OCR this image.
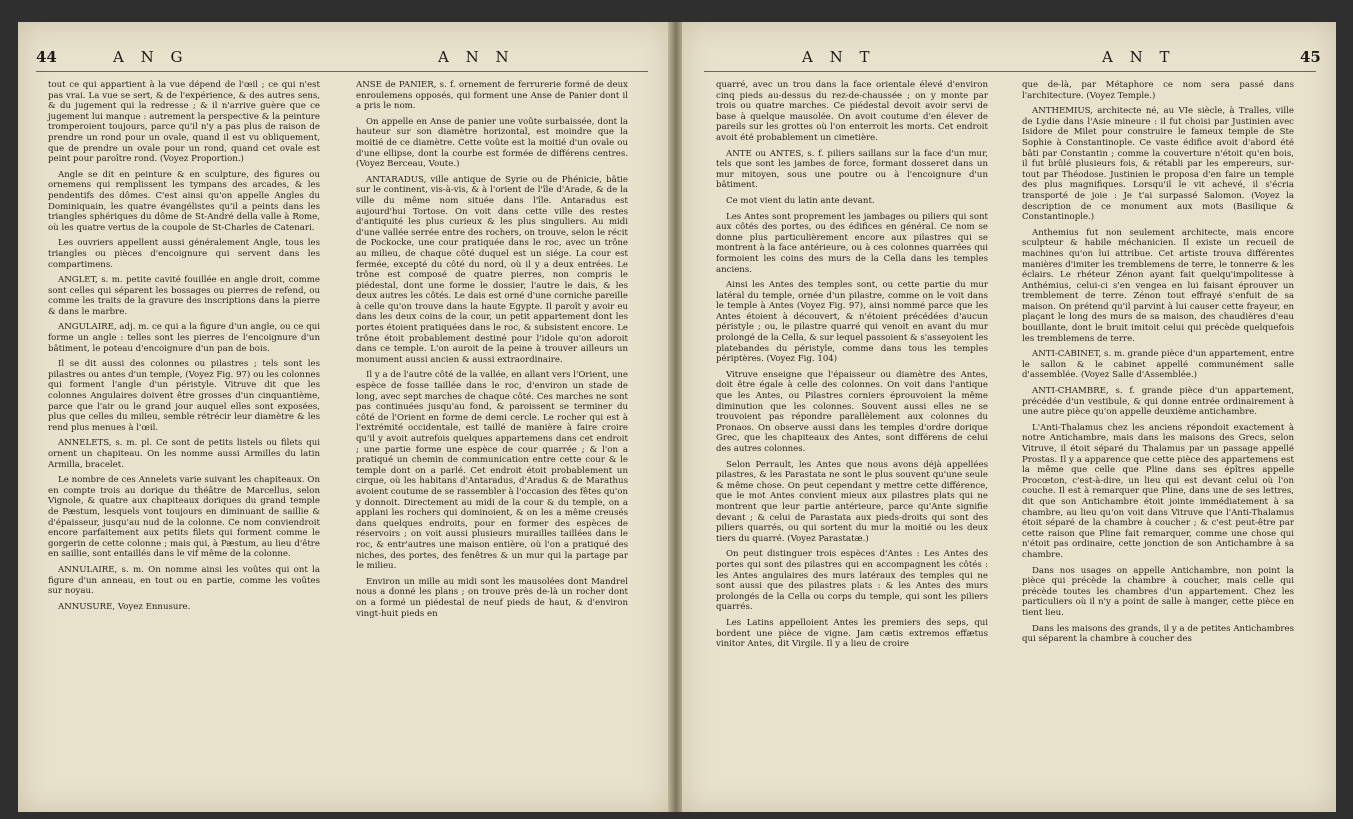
44	A N G	A N N

tout ce qui appartient à la vue dépend de l'œil ; ce qui n'est pas vrai. La vue se sert, & de l'expérience, & des autres sens, & du jugement qui la redresse ; & il n'arrive guère que ce jugement lui manque : autrement la perspective & la peinture tromperoient toujours, parce qu'il n'y a pas plus de raison de prendre un rond pour un ovale, quand il est vu obliquement, que de prendre un ovale pour un rond, quand cet ovale est peint pour paroître rond. (Voyez Proportion.)

Angle se dit en peinture & en sculpture, des figures ou ornemens qui remplissent les tympans des arcades, & les pendentifs des dômes. C'est ainsi qu'on appelle Angles du Dominiquain, les quatre évangélistes qu'il a peints dans les triangles sphériques du dôme de St-André della valle à Rome, où les quatre vertus de la coupole de St-Charles de Catenari.

Les ouvriers appellent aussi généralement Angle, tous les triangles ou pièces d'encoignure qui servent dans les compartimens.

ANGLET, s. m. petite cavité fouillée en angle droit, comme sont celles qui séparent les bossages ou pierres de refend, ou comme les traits de la gravure des inscriptions dans la pierre & dans le marbre.

ANGULAIRE, adj. m. ce qui a la figure d'un angle, ou ce qui forme un angle : telles sont les pierres de l'encoignure d'un bâtiment, le poteau d'encoignure d'un pan de bois.

Il se dit aussi des colonnes ou pilastres ; tels sont les pilastres ou antes d'un temple, (Voyez Fig. 97) ou les colonnes qui forment l'angle d'un péristyle. Vitruve dit que les colonnes Angulaires doivent être grosses d'un cinquantième, parce que l'air ou le grand jour auquel elles sont exposées, plus que celles du milieu, semble rétrécir leur diamètre & les rend plus menues à l'œil.

ANNELETS, s. m. pl. Ce sont de petits listels ou filets qui ornent un chapiteau. On les nomme aussi Armilles du latin Armilla, bracelet.

Le nombre de ces Annelets varie suivant les chapiteaux. On en compte trois au dorique du théâtre de Marcellus, selon Vignole, & quatre aux chapiteaux doriques du grand temple de Pæstum, lesquels vont toujours en diminuant de saillie & d'épaisseur, jusqu'au nud de la colonne. Ce nom conviendroit encore parfaitement aux petits filets qui forment comme le gorgerin de cette colonne ; mais qui, à Pæstum, au lieu d'être en saillie, sont entaillés dans le vif même de la colonne.

ANNULAIRE, s. m. On nomme ainsi les voûtes qui ont la figure d'un anneau, en tout ou en partie, comme les voûtes sur noyau.

ANNUSURE, Voyez Ennusure.

ANSE de PANIER, s. f. ornement de ferrurerie formé de deux enroulemens opposés, qui forment une Anse de Panier dont il a pris le nom.

On appelle en Anse de panier une voûte surbaissée, dont la hauteur sur son diamètre horizontal, est moindre que la moitié de ce diamètre. Cette voûte est la moitié d'un ovale ou d'une ellipse, dont la courbe est formée de différens centres. (Voyez Berceau, Voute.)

ANTARADUS, ville antique de Syrie ou de Phénicie, bâtie sur le continent, vis-à-vis, & à l'orient de l'île d'Arade, & de la ville du même nom située dans l'île. Antaradus est aujourd'hui Tortose. On voit dans cette ville des restes d'antiquité les plus curieux & les plus singuliers. Au midi d'une vallée serrée entre des rochers, on trouve, selon le récit de Pockocke, une cour pratiquée dans le roc, avec un trône au milieu, de chaque côté duquel est un siége. La cour est fermée, excepté du côté du nord, où il y a deux entrées. Le trône est composé de quatre pierres, non compris le piédestal, dont une forme le dossier, l'autre le dais, & les deux autres les côtés. Le dais est orné d'une corniche pareille à celle qu'on trouve dans la haute Egypte. Il paroît y avoir eu dans les deux coins de la cour, un petit appartement dont les portes étoient pratiquées dans le roc, & subsistent encore. Le trône étoit probablement destiné pour l'idole qu'on adoroit dans ce temple. L'on auroit de la peine à trouver ailleurs un monument aussi ancien & aussi extraordinaire.

Il y a de l'autre côté de la vallée, en allant vers l'Orient, une espèce de fosse taillée dans le roc, d'environ un stade de long, avec sept marches de chaque côté. Ces marches ne sont pas continuées jusqu'au fond, & paroissent se terminer du côté de l'Orient en forme de demi cercle. Le rocher qui est à l'extrémité occidentale, est taillé de manière à faire croire qu'il y avoit autrefois quelques appartemens dans cet endroit ; une partie forme une espèce de cour quarrée ; & l'on a pratiqué un chemin de communication entre cette cour & le temple dont on a parlé. Cet endroit étoit probablement un cirque, où les habitans d'Antaradus, d'Aradus & de Marathus avoient coutume de se rassembler à l'occasion des fêtes qu'on y donnoit. Directement au midi de la cour & du temple, on a applani les rochers qui dominoient, & on les a même creusés dans quelques endroits, pour en former des espèces de réservoirs ; on voit aussi plusieurs murailles taillées dans le roc, & entr'autres une maison entière, où l'on a pratiqué des niches, des portes, des fenêtres & un mur qui la partage par le milieu.

Environ un mille au midi sont les mausolées dont Mandrel nous a donné les plans ; on trouve près de-là un rocher dont on a formé un piédestal de neuf pieds de haut, & d'environ vingt-huit pieds en

A N T	A N T	45

quarré, avec un trou dans la face orientale élevé d'environ cinq pieds au-dessus du rez-de-chaussée ; on y monte par trois ou quatre marches. Ce piédestal devoit avoir servi de base à quelque mausolée. On avoit coutume d'en élever de pareils sur les grottes où l'on enterroit les morts. Cet endroit avoit été probablement un cimetière.

ANTE ou ANTES, s. f. piliers saillans sur la face d'un mur, tels que sont les jambes de force, formant dosseret dans un mur mitoyen, sous une poutre ou à l'encoignure d'un bâtiment.

Ce mot vient du latin ante devant.

Les Antes sont proprement les jambages ou piliers qui sont aux côtés des portes, ou des édifices en général. Ce nom se donne plus particulièrement encore aux pilastres qui se montrent à la face antérieure, ou à ces colonnes quarrées qui formoient les coins des murs de la Cella dans les temples anciens.

Ainsi les Antes des temples sont, ou cette partie du mur latéral du temple, ornée d'un pilastre, comme on le voit dans le temple à Antes (Voyez Fig. 97), ainsi nommé parce que les Antes étoient à découvert, & n'étoient précédées d'aucun péristyle ; ou, le pilastre quarré qui venoit en avant du mur prolongé de la Cella, & sur lequel passoient & s'asseyoient les platebandes du péristyle, comme dans tous les temples périptères. (Voyez Fig. 104)

Vitruve enseigne que l'épaisseur ou diamètre des Antes, doit être égale à celle des colonnes. On voit dans l'antique que les Antes, ou Pilastres corniers éprouvoient la même diminution que les colonnes. Souvent aussi elles ne se trouvoient pas répondre parallèlement aux colonnes du Pronaos. On observe aussi dans les temples d'ordre dorique Grec, que les chapiteaux des Antes, sont différens de celui des autres colonnes.

Selon Perrault, les Antes que nous avons déjà appellées pilastres, & les Parastata ne sont le plus souvent qu'une seule & même chose. On peut cependant y mettre cette différence, que le mot Antes convient mieux aux pilastres plats qui ne montrent que leur partie antérieure, parce qu'Ante signifie devant ; & celui de Parastata aux pieds-droits qui sont des piliers quarrés, ou qui sortent du mur la moitié ou les deux tiers du quarré. (Voyez Parastatæ.)

On peut distinguer trois espèces d'Antes : Les Antes des portes qui sont des pilastres qui en accompagnent les côtés : les Antes angulaires des murs latéraux des temples qui ne sont aussi que des pilastres plats : & les Antes des murs prolongés de la Cella ou corps du temple, qui sont les piliers quarrés.

Les Latins appelloient Antes les premiers des seps, qui bordent une pièce de vigne. Jam cætis extremos effætus vinitor Antes, dit Virgile. Il y a lieu de croire

que de-là, par Métaphore ce nom sera passé dans l'architecture. (Voyez Temple.)

ANTHEMIUS, architecte né, au VIe siècle, à Tralles, ville de Lydie dans l'Asie mineure : il fut choisi par Justinien avec Isidore de Milet pour construire le fameux temple de Ste Sophie à Constantinople. Ce vaste édifice avoit d'abord été bâti par Constantin ; comme la couverture n'étoit qu'en bois, il fut brûlé plusieurs fois, & rétabli par les empereurs, sur-tout par Théodose. Justinien le proposa d'en faire un temple des plus magnifiques. Lorsqu'il le vit achevé, il s'écria transporté de joie : Je t'ai surpassé Salomon. (Voyez la description de ce monument aux mots (Basilique & Constantinople.)

Anthemius fut non seulement architecte, mais encore sculpteur & habile méchanicien. Il existe un recueil de machines qu'on lui attribue. Cet artiste trouva différentes manières d'imiter les tremblemens de terre, le tonnerre & les éclairs. Le rhéteur Zénon ayant fait quelqu'impolitesse à Anthémius, celui-ci s'en vengea en lui faisant éprouver un tremblement de terre. Zénon tout effrayé s'enfuit de sa maison. On prétend qu'il parvint à lui causer cette frayeur, en plaçant le long des murs de sa maison, des chaudières d'eau bouillante, dont le bruit imitoit celui qui précède quelquefois les tremblemens de terre.

ANTI-CABINET, s. m. grande pièce d'un appartement, entre le sallon & le cabinet appellé communément salle d'assemblée. (Voyez Salle d'Assemblée.)

ANTI-CHAMBRE, s. f. grande pièce d'un appartement, précédée d'un vestibule, & qui donne entrée ordinairement à une autre pièce qu'on appelle deuxième antichambre.

L'Anti-Thalamus chez les anciens répondoit exactement à notre Antichambre, mais dans les maisons des Grecs, selon Vitruve, il étoit séparé du Thalamus par un passage appellé Prostas. Il y a apparence que cette pièce des appartemens est la même que celle que Pline dans ses épîtres appelle Procœton, c'est-à-dire, un lieu qui est devant celui où l'on couche. Il est à remarquer que Pline, dans une de ses lettres, dit que son Antichambre étoit jointe immédiatement à sa chambre, au lieu qu'on voit dans Vitruve que l'Anti-Thalamus étoit séparé de la chambre à coucher ; & c'est peut-être par cette raison que Pline fait remarquer, comme une chose qui n'étoit pas ordinaire, cette jonction de son Antichambre à sa chambre.

Dans nos usages on appelle Antichambre, non point la pièce qui précède la chambre à coucher, mais celle qui précède toutes les chambres d'un appartement. Chez les particuliers où il n'y a point de salle à manger, cette pièce en tient lieu.

Dans les maisons des grands, il y a de petites Antichambres qui séparent la chambre à coucher des
